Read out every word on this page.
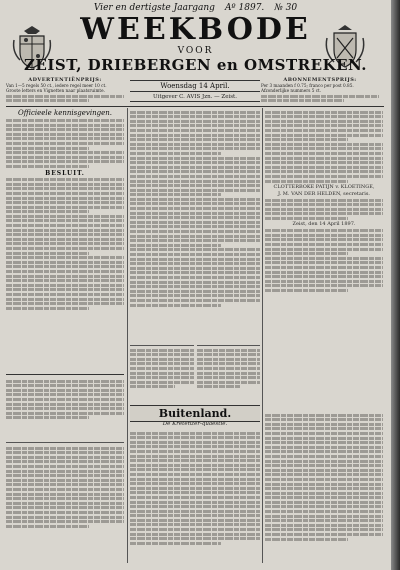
Vier en dertigste Jaargang Aº 1897. № 30
WEEKBODE
VOOR
ZEIST, DRIEBERGEN en OMSTREKEN.
ADVERTENTIËNPRIJS:
Van 1—5 regels 50 ct., iedere regel meer 10 ct.
Groote letters en Vignetten naar plaatsruimte.
ABONNEMENTSPRIJS:
Per 3 maanden f 0.75; franco per post 0.85.
Afzonderlijke nummers 5 ct.
Woensdag 14 April.
Uitgever C. AVIS Jzn. — Zeist.
Officieele kennisgevingen.
BESLUIT.
CLOTTERBOKE PATIJN v. KLOETINGE,
J. M. VAN DER HELDEN, secretaris.
Zeist, den 14 April 1897.
Buitenland.
De Kretenzer-quaestie.
